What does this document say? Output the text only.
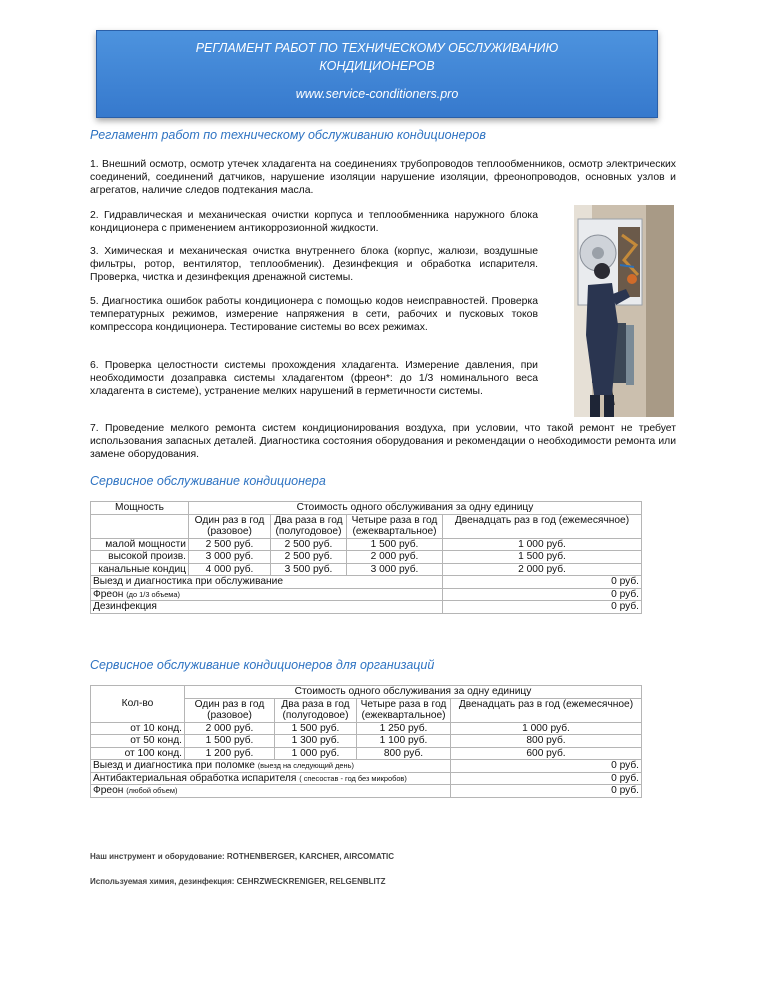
РЕГЛАМЕНТ РАБОТ ПО ТЕХНИЧЕСКОМУ ОБСЛУЖИВАНИЮ КОНДИЦИОНЕРОВ
www.service-conditioners.pro
Регламент работ по техническому обслуживанию кондиционеров
1. Внешний осмотр, осмотр утечек хладагента на соединениях трубопроводов теплообменников, осмотр электрических соединений, соединений датчиков, нарушение изоляции нарушение изоляции, фреонопроводов, основных узлов и агрегатов, наличие следов подтекания масла.
2. Гидравлическая и механическая очистки корпуса и теплообменника наружного блока кондиционера с применением антикоррозионной жидкости.
3. Химическая и механическая очистка внутреннего блока (корпус, жалюзи, воздушные фильтры, ротор, вентилятор, теплообменик). Дезинфекция и обработка испарителя. Проверка, чистка и дезинфекция дренажной системы.
5. Диагностика ошибок работы кондиционера с помощью кодов неисправностей. Проверка температурных режимов, измерение напряжения в сети, рабочих и пусковых токов компрессора кондиционера. Тестирование системы во всех режимах.
6. Проверка целостности системы прохождения хладагента. Измерение давления, при необходимости дозаправка системы хладагентом (фреон*: до 1/3 номинального веса хладагента в системе), устранение мелких нарушений в герметичности системы.
7. Проведение мелкого ремонта систем кондиционирования воздуха, при условии, что такой ремонт не требует использования запасных деталей. Диагностика состояния оборудования и рекомендации о необходимости ремонта или замене оборудования.
Сервисное обслуживание кондиционера
Мощность	Стоимость одного обслуживания за одну единицу			
	Один раз в год (разовое)	Два раза в год (полугодовое)	Четыре раза в год (ежеквартальное)	Двенадцать раз в год (ежемесячное)
малой мощности	2 500 руб.	2 500 руб.	1 500 руб.	1 000 руб.
высокой произв.	3 000 руб.	2 500 руб.	2 000 руб.	1 500 руб.
канальные кондиц	4 000 руб.	3 500 руб.	3 000 руб.	2 000 руб.
Выезд и диагностика при обслуживание				0 руб.
Фреон (до 1/3 объема)				0 руб.
Дезинфекция				0 руб.
Сервисное обслуживание кондиционеров для организаций
Кол-во	Стоимость одного обслуживания за одну единицу			
	Один раз в год (разовое)	Два раза в год (полугодовое)	Четыре раза в год (ежеквартальное)	Двенадцать раз в год (ежемесячное)
от 10 конд.	2 000 руб.	1 500 руб.	1 250 руб.	1 000 руб.
от 50 конд.	1 500 руб.	1 300 руб.	1 100 руб.	800 руб.
от 100 конд.	1 200 руб.	1 000 руб.	800 руб.	600 руб.
Выезд и диагностика при поломке (выезд на следующий день)				0 руб.
Антибактериальная обработка испарителя ( спесостав - год без микробов)				0 руб.
Фреон (любой объем)				0 руб.
Наш инструмент и оборудование: ROTHENBERGER, KARCHER, AIRCOMATIC
Используемая химия, дезинфекция: CEHRZWECKRENIGER, RELGENBLITZ
